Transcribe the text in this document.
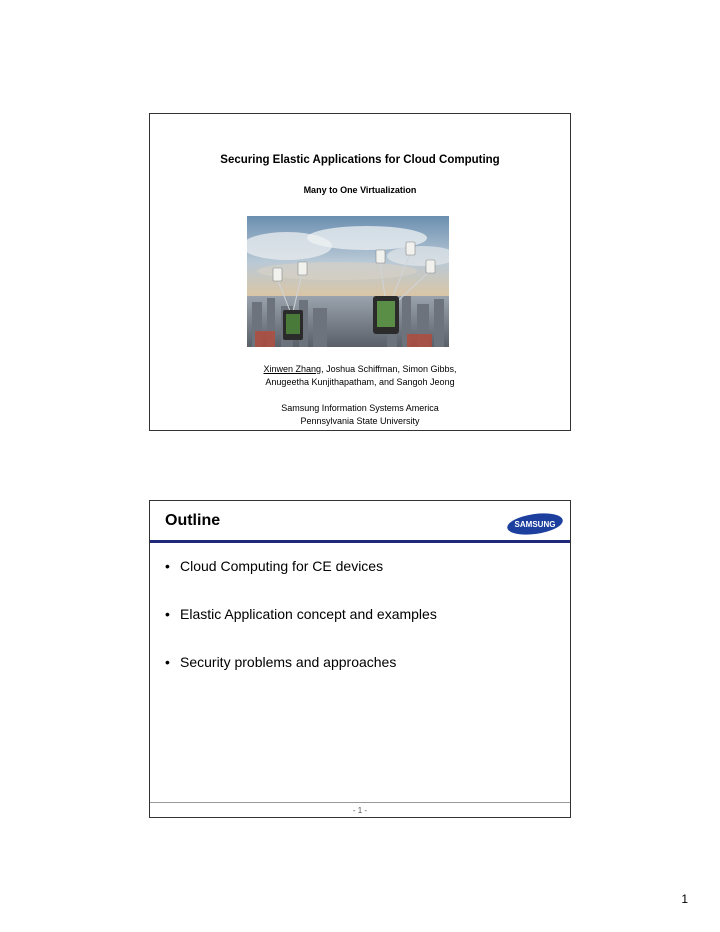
Securing Elastic Applications for Cloud Computing
Many to One Virtualization
Xinwen Zhang, Joshua Schiffman, Simon Gibbs,
Anugeetha Kunjithapatham, and Sangoh Jeong
Samsung Information Systems America
Pennsylvania State University
Outline	SAMSUNG
• Cloud Computing for CE devices
• Elastic Application concept and examples
• Security problems and approaches
- 1 -
1
